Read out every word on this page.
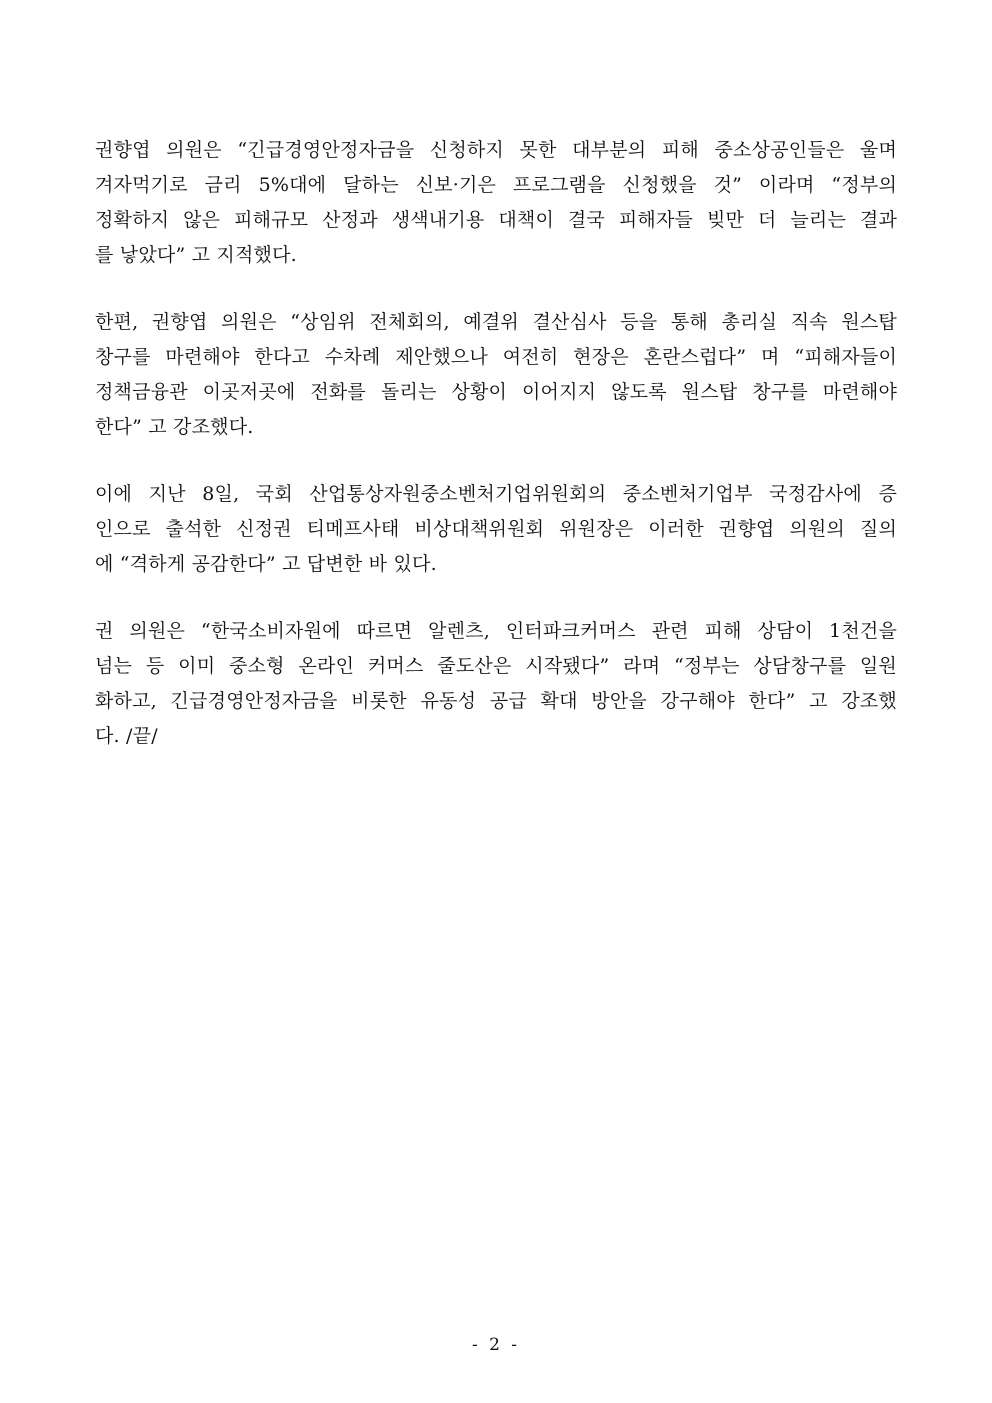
권향엽 의원은 “긴급경영안정자금을 신청하지 못한 대부분의 피해 중소상공인들은 울며
겨자먹기로 금리 5%대에 달하는 신보·기은 프로그램을 신청했을 것” 이라며 “정부의
정확하지 않은 피해규모 산정과 생색내기용 대책이 결국 피해자들 빚만 더 늘리는 결과
를 낳았다” 고 지적했다.

한편, 권향엽 의원은 “상임위 전체회의, 예결위 결산심사 등을 통해 총리실 직속 원스탑
창구를 마련해야 한다고 수차례 제안했으나 여전히 현장은 혼란스럽다” 며 “피해자들이
정책금융관 이곳저곳에 전화를 돌리는 상황이 이어지지 않도록 원스탑 창구를 마련해야
한다” 고 강조했다.

이에 지난 8일, 국회 산업통상자원중소벤처기업위원회의 중소벤처기업부 국정감사에 증
인으로 출석한 신정권 티메프사태 비상대책위원회 위원장은 이러한 권향엽 의원의 질의
에 “격하게 공감한다” 고 답변한 바 있다.

권 의원은 “한국소비자원에 따르면 알렌츠, 인터파크커머스 관련 피해 상담이 1천건을
넘는 등 이미 중소형 온라인 커머스 줄도산은 시작됐다” 라며 “정부는 상담창구를 일원
화하고, 긴급경영안정자금을 비롯한 유동성 공급 확대 방안을 강구해야 한다” 고 강조했
다. /끝/

- 2 -
